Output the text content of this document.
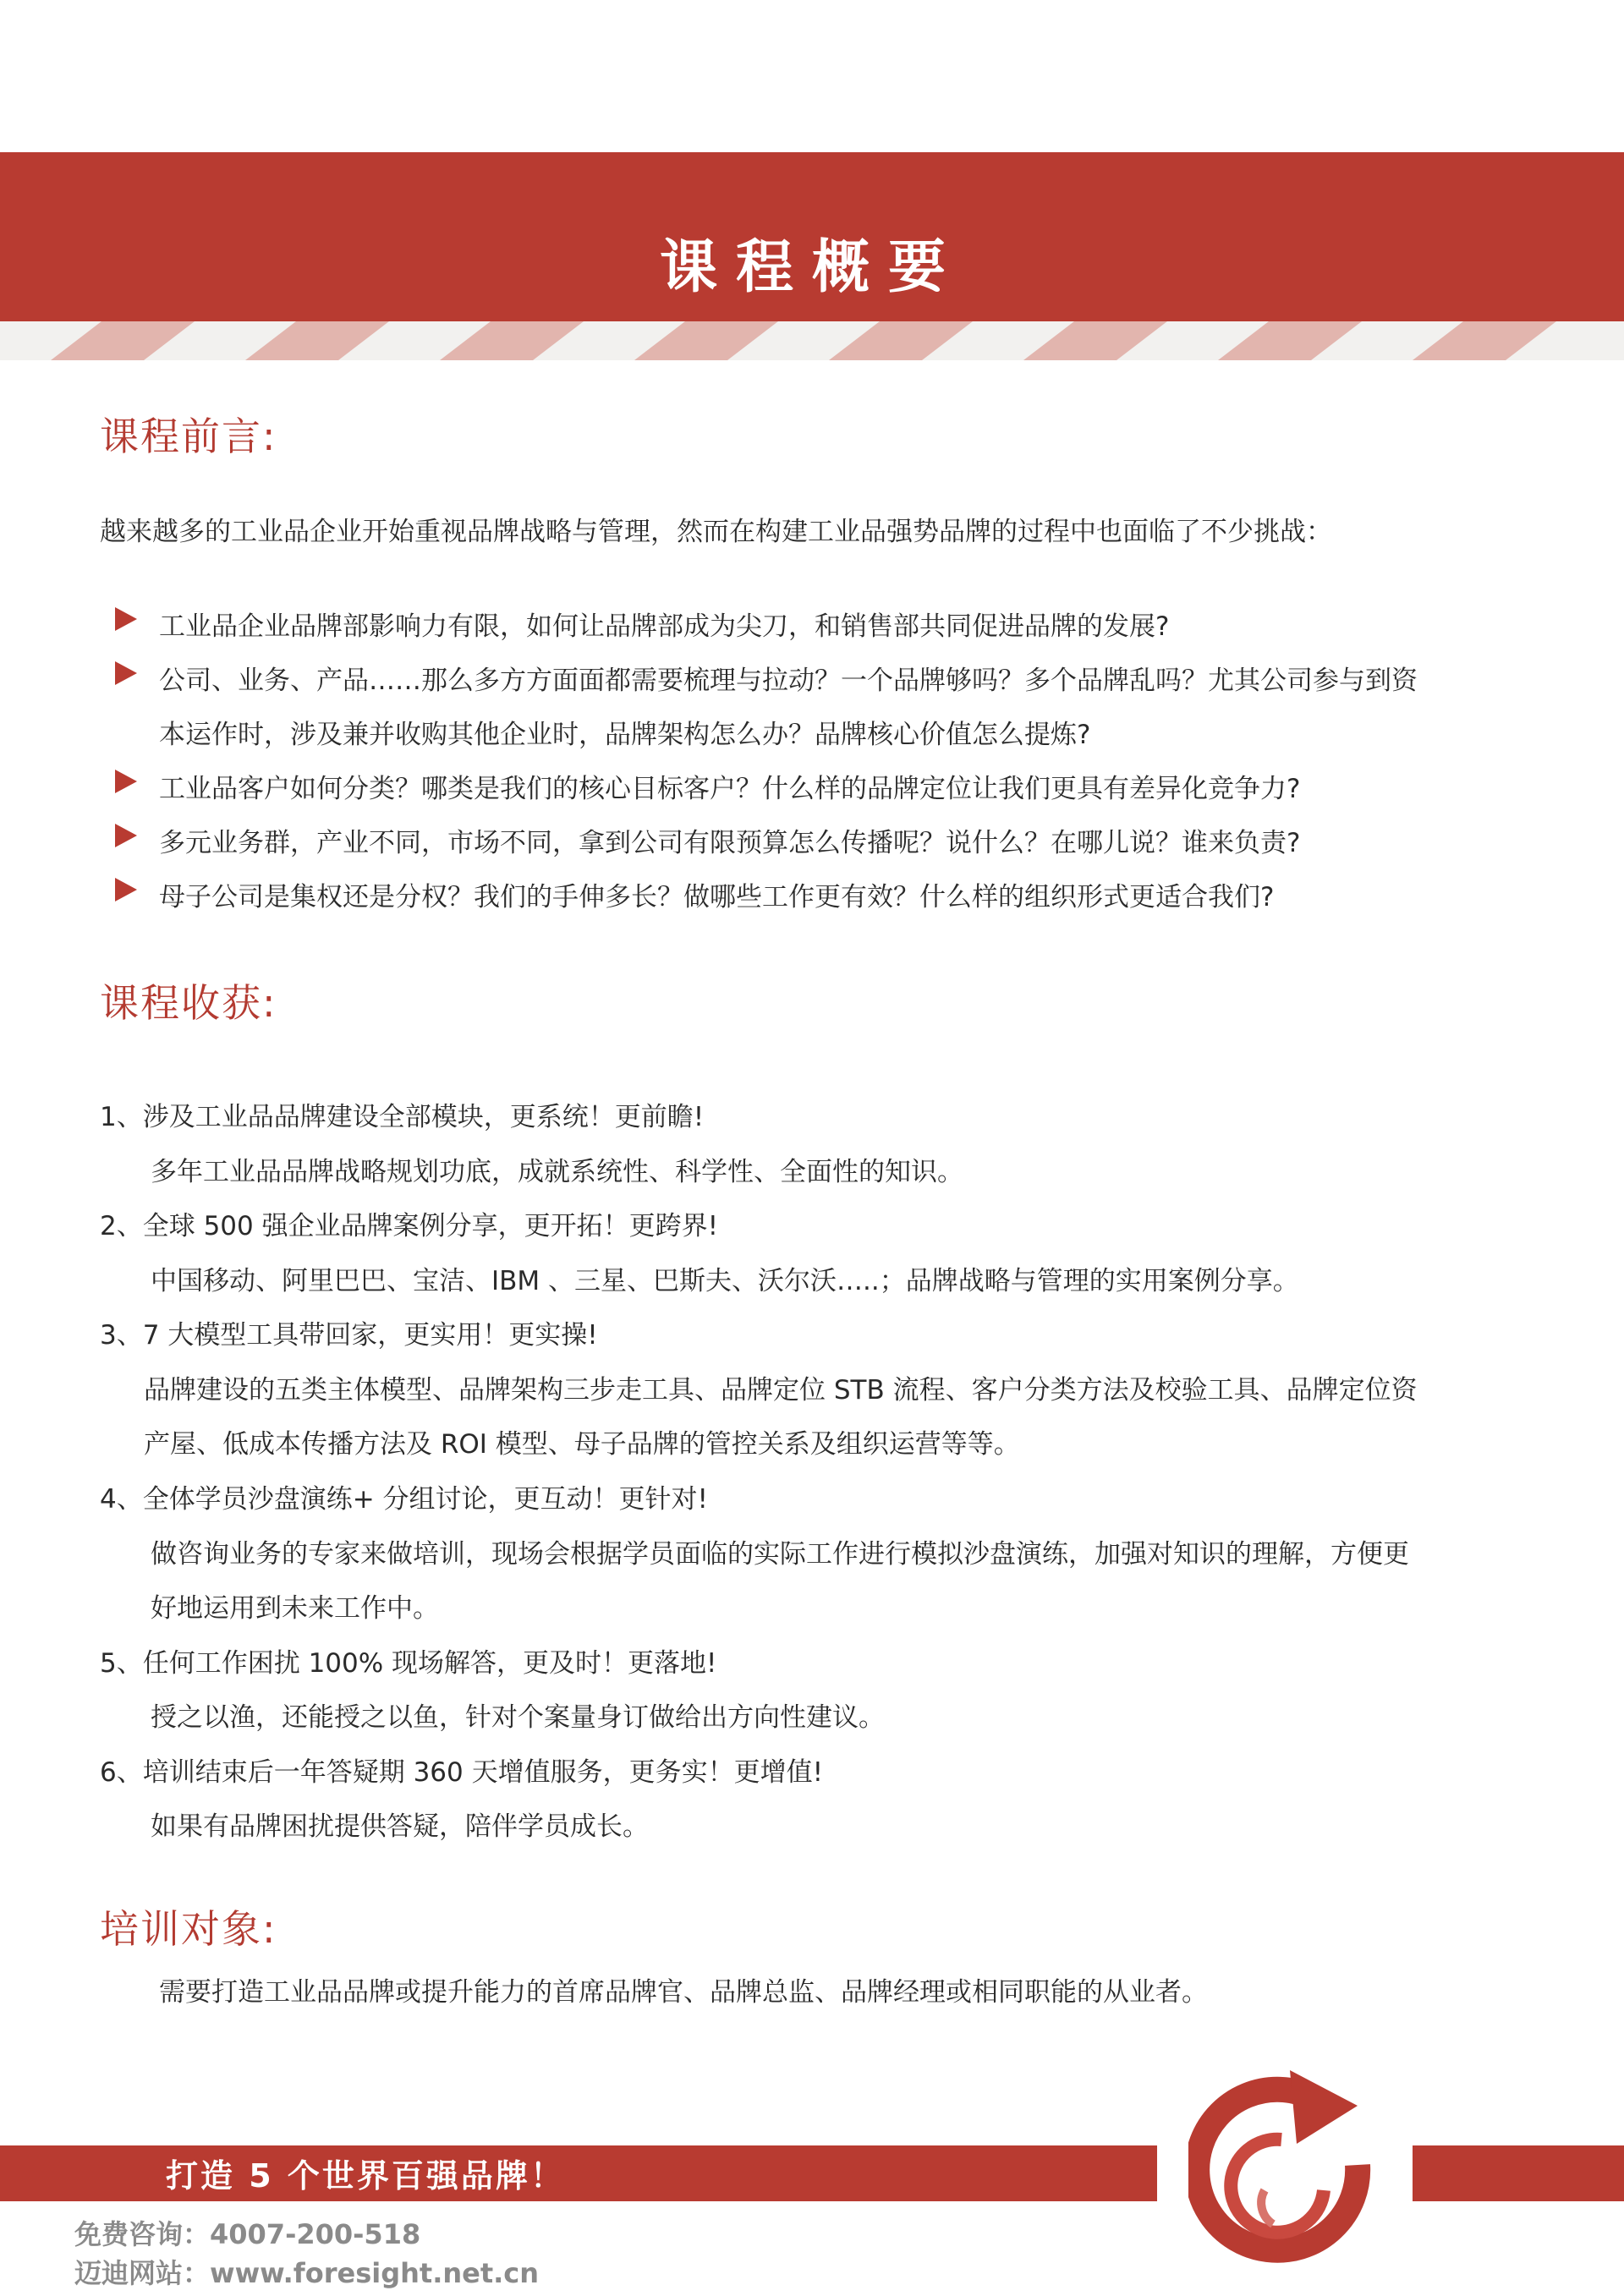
课程概要
课程前言:
越来越多的工业品企业开始重视品牌战略与管理，然而在构建工业品强势品牌的过程中也面临了不少挑战：
工业品企业品牌部影响力有限，如何让品牌部成为尖刀，和销售部共同促进品牌的发展?
公司、业务、产品……那么多方方面面都需要梳理与拉动？一个品牌够吗？多个品牌乱吗？尤其公司参与到资
本运作时，涉及兼并收购其他企业时，品牌架构怎么办？品牌核心价值怎么提炼?
工业品客户如何分类？哪类是我们的核心目标客户？什么样的品牌定位让我们更具有差异化竞争力?
多元业务群，产业不同，市场不同，拿到公司有限预算怎么传播呢？说什么？在哪儿说？谁来负责?
母子公司是集权还是分权？我们的手伸多长？做哪些工作更有效？什么样的组织形式更适合我们?
课程收获:
1、涉及工业品品牌建设全部模块，更系统！更前瞻!
多年工业品品牌战略规划功底，成就系统性、科学性、全面性的知识。
2、全球 500 强企业品牌案例分享，更开拓！更跨界!
中国移动、阿里巴巴、宝洁、IBM 、三星、巴斯夫、沃尔沃…..；品牌战略与管理的实用案例分享。
3、7 大模型工具带回家，更实用！更实操!
品牌建设的五类主体模型、品牌架构三步走工具、品牌定位 STB 流程、客户分类方法及校验工具、品牌定位资
产屋、低成本传播方法及 ROI 模型、母子品牌的管控关系及组织运营等等。
4、全体学员沙盘演练+ 分组讨论，更互动！更针对!
做咨询业务的专家来做培训，现场会根据学员面临的实际工作进行模拟沙盘演练，加强对知识的理解，方便更
好地运用到未来工作中。
5、任何工作困扰 100% 现场解答，更及时！更落地!
授之以渔，还能授之以鱼，针对个案量身订做给出方向性建议。
6、培训结束后一年答疑期 360 天增值服务，更务实！更增值!
如果有品牌困扰提供答疑，陪伴学员成长。
培训对象:
需要打造工业品品牌或提升能力的首席品牌官、品牌总监、品牌经理或相同职能的从业者。
打造 5 个世界百强品牌！
免费咨询：4007-200-518
迈迪网站：www.foresight.net.cn
